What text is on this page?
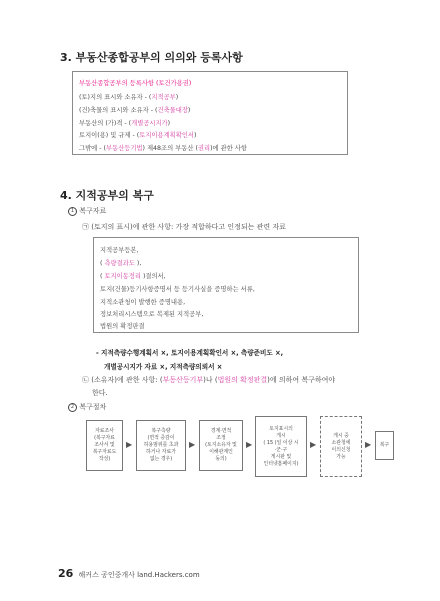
3. 부동산종합공부의 의의와 등록사항
부동산종합공부의 등록사항 (토건가용권)
(토)지의 표시와 소유자 - (지적공부)
(건)축물의 표시와 소유자 - (건축물대장)
부동산의 (가)격 - (개별공시지가)
토지이(용) 및 규제 - (토지이용계획확인서)
그밖에 - (부동산등기법) 제48조의 부동산 (권리)에 관한 사항
4. 지적공부의 복구
1 복구자료
㉠ (토지의 표시)에 관한 사항: 가장 적합하다고 인정되는 관련 자료
지적공부등본,
( 측량결과도 ),
( 토지이동정리 )결의서,
토지(건물)등기사항증명서 등 등기사실을 증명하는 서류,
지적소관청이 발행한 증명내용,
정보처리시스템으로 복제된 지적공부,
법원의 확정판결
- 지적측량수행계획서 ×, 토지이용계획확인서 ×, 측량준비도 ×,
개별공시지가 자료 ×, 지적측량의뢰서 ×
㉡ (소유자)에 관한 사항: (부동산등기부)나 (법원의 확정판결)에 의하여 복구하여야
한다.
2 복구절차
자료조사
(복구자료
조사서 및
복구자료도
작성)
▶
복구측량
(면적 증감이
허용범위를 초과
하거나 자료가
없는 경우)
▶
경계·면적
조정
(토지소유자 및
이해관계인
동의)
▶
토지표시의
게시
( 15 )일 이상 시
·군·구
게시판 및
인터넷홈페이지)
▶
게시 중
소관청에
이의신청
가능
▶ 복구
26 해커스 공인중개사 land.Hackers.com
